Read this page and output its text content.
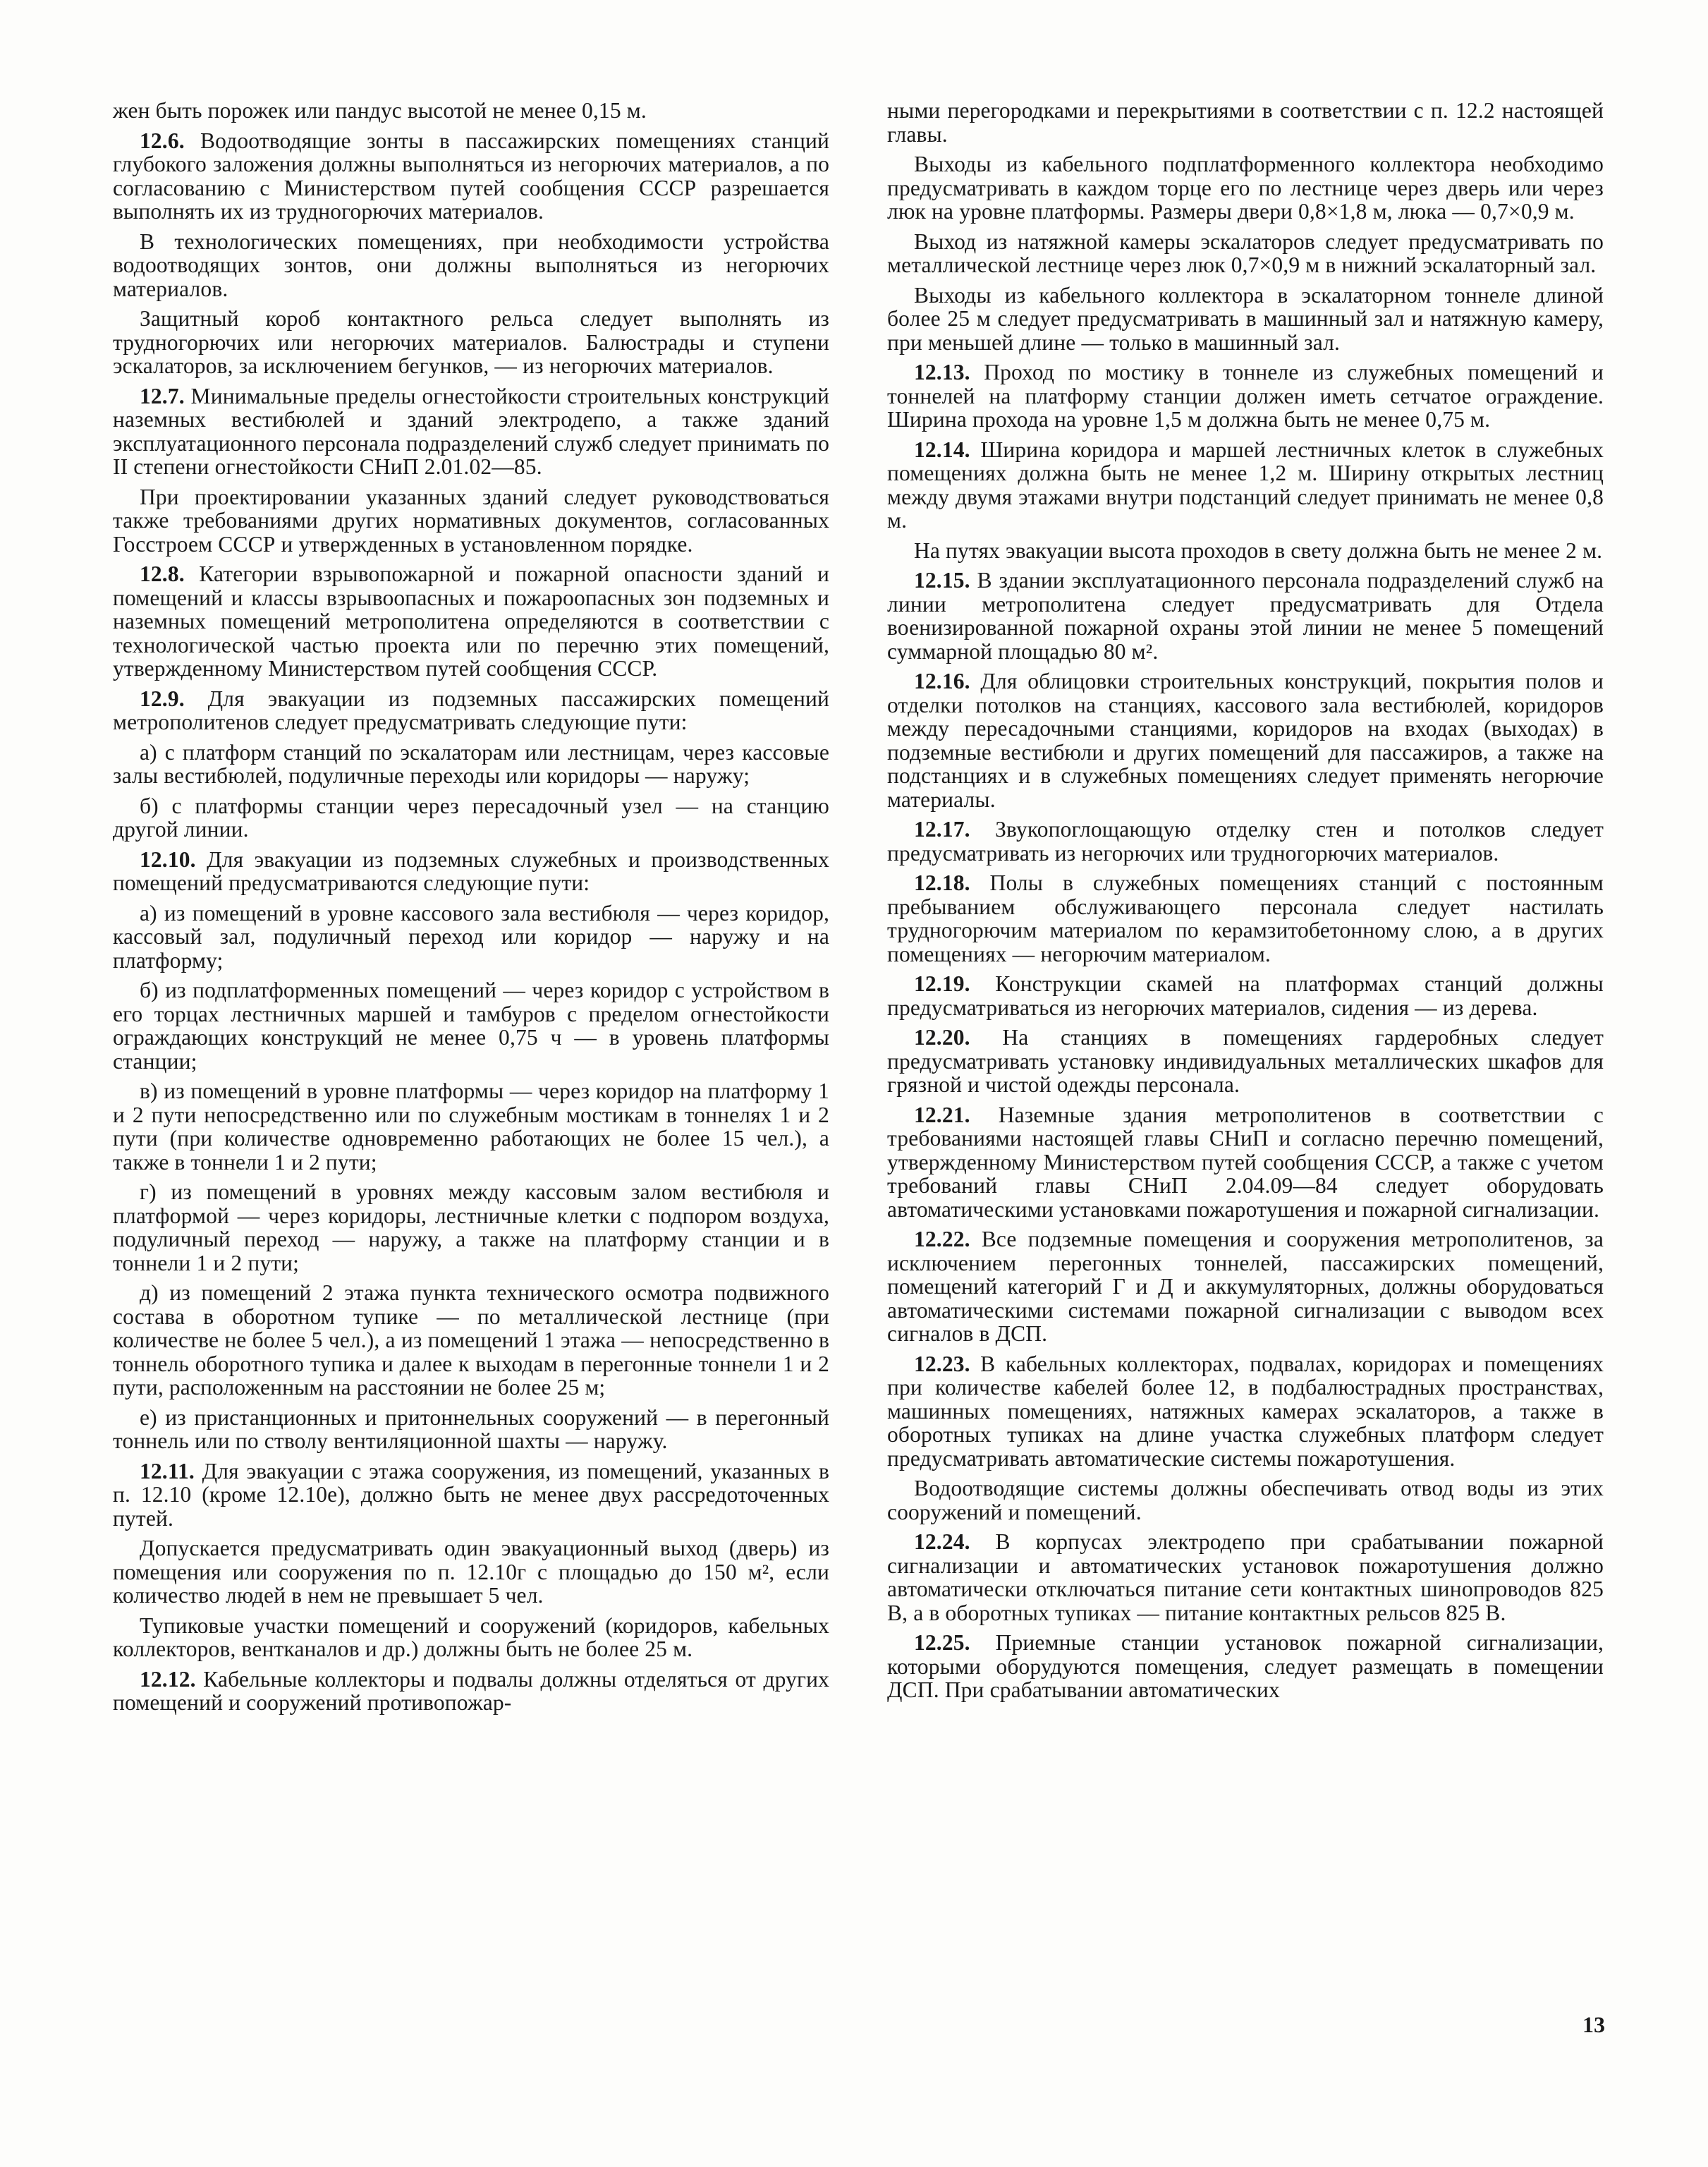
жен быть порожек или пандус высотой не менее 0,15 м.

12.6. Водоотводящие зонты в пассажирских помещениях станций глубокого заложения должны выполняться из негорючих материалов, а по согласованию с Министерством путей сообщения СССР разрешается выполнять их из трудногорючих материалов.

В технологических помещениях, при необходимости устройства водоотводящих зонтов, они должны выполняться из негорючих материалов.

Защитный короб контактного рельса следует выполнять из трудногорючих или негорючих материалов. Балюстрады и ступени эскалаторов, за исключением бегунков, — из негорючих материалов.

12.7. Минимальные пределы огнестойкости строительных конструкций наземных вестибюлей и зданий электродепо, а также зданий эксплуатационного персонала подразделений служб следует принимать по II степени огнестойкости СНиП 2.01.02—85.

При проектировании указанных зданий следует руководствоваться также требованиями других нормативных документов, согласованных Госстроем СССР и утвержденных в установленном порядке.

12.8. Категории взрывопожарной и пожарной опасности зданий и помещений и классы взрывоопасных и пожароопасных зон подземных и наземных помещений метрополитена определяются в соответствии с технологической частью проекта или по перечню этих помещений, утвержденному Министерством путей сообщения СССР.

12.9. Для эвакуации из подземных пассажирских помещений метрополитенов следует предусматривать следующие пути:

а) с платформ станций по эскалаторам или лестницам, через кассовые залы вестибюлей, подуличные переходы или коридоры — наружу;

б) с платформы станции через пересадочный узел — на станцию другой линии.

12.10. Для эвакуации из подземных служебных и производственных помещений предусматриваются следующие пути:

а) из помещений в уровне кассового зала вестибюля — через коридор, кассовый зал, подуличный переход или коридор — наружу и на платформу;

б) из подплатформенных помещений — через коридор с устройством в его торцах лестничных маршей и тамбуров с пределом огнестойкости ограждающих конструкций не менее 0,75 ч — в уровень платформы станции;

в) из помещений в уровне платформы — через коридор на платформу 1 и 2 пути непосредственно или по служебным мостикам в тоннелях 1 и 2 пути (при количестве одновременно работающих не более 15 чел.), а также в тоннели 1 и 2 пути;

г) из помещений в уровнях между кассовым залом вестибюля и платформой — через коридоры, лестничные клетки с подпором воздуха, подуличный переход — наружу, а также на платформу станции и в тоннели 1 и 2 пути;

д) из помещений 2 этажа пункта технического осмотра подвижного состава в оборотном тупике — по металлической лестнице (при количестве не более 5 чел.), а из помещений 1 этажа — непосредственно в тоннель оборотного тупика и далее к выходам в перегонные тоннели 1 и 2 пути, расположенным на расстоянии не более 25 м;

е) из пристанционных и притоннельных сооружений — в перегонный тоннель или по стволу вентиляционной шахты — наружу.

12.11. Для эвакуации с этажа сооружения, из помещений, указанных в п. 12.10 (кроме 12.10е), должно быть не менее двух рассредоточенных путей.

Допускается предусматривать один эвакуационный выход (дверь) из помещения или сооружения по п. 12.10г с площадью до 150 м², если количество людей в нем не превышает 5 чел.

Тупиковые участки помещений и сооружений (коридоров, кабельных коллекторов, вентканалов и др.) должны быть не более 25 м.

12.12. Кабельные коллекторы и подвалы должны отделяться от других помещений и сооружений противопожар-

ными перегородками и перекрытиями в соответствии с п. 12.2 настоящей главы.

Выходы из кабельного подплатформенного коллектора необходимо предусматривать в каждом торце его по лестнице через дверь или через люк на уровне платформы. Размеры двери 0,8×1,8 м, люка — 0,7×0,9 м.

Выход из натяжной камеры эскалаторов следует предусматривать по металлической лестнице через люк 0,7×0,9 м в нижний эскалаторный зал.

Выходы из кабельного коллектора в эскалаторном тоннеле длиной более 25 м следует предусматривать в машинный зал и натяжную камеру, при меньшей длине — только в машинный зал.

12.13. Проход по мостику в тоннеле из служебных помещений и тоннелей на платформу станции должен иметь сетчатое ограждение. Ширина прохода на уровне 1,5 м должна быть не менее 0,75 м.

12.14. Ширина коридора и маршей лестничных клеток в служебных помещениях должна быть не менее 1,2 м. Ширину открытых лестниц между двумя этажами внутри подстанций следует принимать не менее 0,8 м.

На путях эвакуации высота проходов в свету должна быть не менее 2 м.

12.15. В здании эксплуатационного персонала подразделений служб на линии метрополитена следует предусматривать для Отдела военизированной пожарной охраны этой линии не менее 5 помещений суммарной площадью 80 м².

12.16. Для облицовки строительных конструкций, покрытия полов и отделки потолков на станциях, кассового зала вестибюлей, коридоров между пересадочными станциями, коридоров на входах (выходах) в подземные вестибюли и других помещений для пассажиров, а также на подстанциях и в служебных помещениях следует применять негорючие материалы.

12.17. Звукопоглощающую отделку стен и потолков следует предусматривать из негорючих или трудногорючих материалов.

12.18. Полы в служебных помещениях станций с постоянным пребыванием обслуживающего персонала следует настилать трудногорючим материалом по керамзитобетонному слою, а в других помещениях — негорючим материалом.

12.19. Конструкции скамей на платформах станций должны предусматриваться из негорючих материалов, сидения — из дерева.

12.20. На станциях в помещениях гардеробных следует предусматривать установку индивидуальных металлических шкафов для грязной и чистой одежды персонала.

12.21. Наземные здания метрополитенов в соответствии с требованиями настоящей главы СНиП и согласно перечню помещений, утвержденному Министерством путей сообщения СССР, а также с учетом требований главы СНиП 2.04.09—84 следует оборудовать автоматическими установками пожаротушения и пожарной сигнализации.

12.22. Все подземные помещения и сооружения метрополитенов, за исключением перегонных тоннелей, пассажирских помещений, помещений категорий Г и Д и аккумуляторных, должны оборудоваться автоматическими системами пожарной сигнализации с выводом всех сигналов в ДСП.

12.23. В кабельных коллекторах, подвалах, коридорах и помещениях при количестве кабелей более 12, в подбалюстрадных пространствах, машинных помещениях, натяжных камерах эскалаторов, а также в оборотных тупиках на длине участка служебных платформ следует предусматривать автоматические системы пожаротушения.

Водоотводящие системы должны обеспечивать отвод воды из этих сооружений и помещений.

12.24. В корпусах электродепо при срабатывании пожарной сигнализации и автоматических установок пожаротушения должно автоматически отключаться питание сети контактных шинопроводов 825 В, а в оборотных тупиках — питание контактных рельсов 825 В.

12.25. Приемные станции установок пожарной сигнализации, которыми оборудуются помещения, следует размещать в помещении ДСП. При срабатывании автоматических

13
